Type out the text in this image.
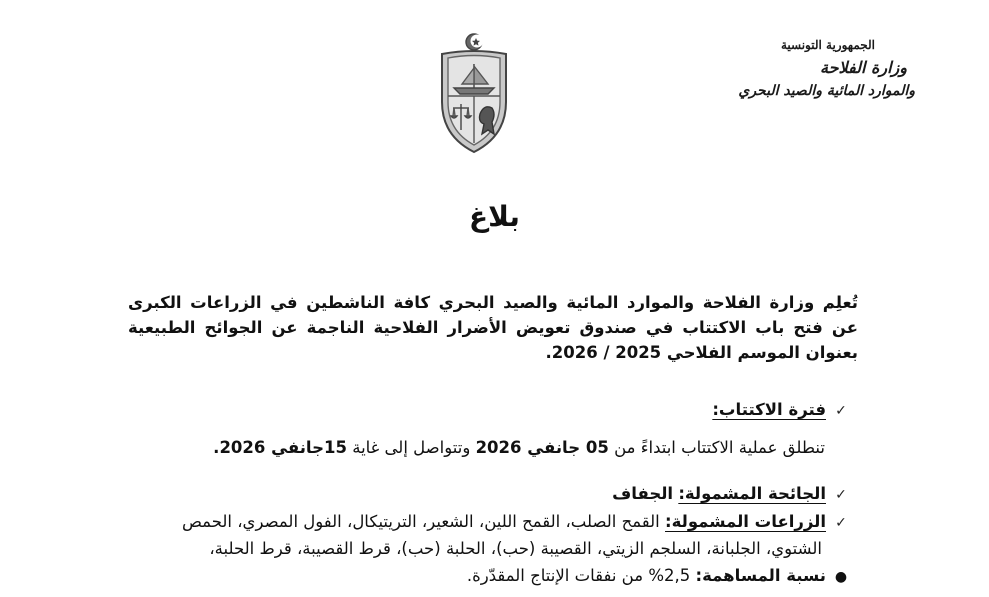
الجمهورية التونسية
وزارة الفلاحة
والموارد المائية والصيد البحري
بلاغ
تُعلِم وزارة الفلاحة والموارد المائية والصيد البحري كافة الناشطين في الزراعات الكبرى عن فتح باب الاكتتاب في صندوق تعويض الأضرار الفلاحية الناجمة عن الجوائح الطبيعية بعنوان الموسم الفلاحي 2025 / 2026.
✓فترة الاكتتاب:
تنطلق عملية الاكتتاب ابتداءً من 05 جانفي 2026 وتتواصل إلى غاية 15جانفي 2026.
✓الجائحة المشمولة: الجفاف
✓الزراعات المشمولة: القمح الصلب، القمح اللين، الشعير، التريتيكال، الفول المصري، الحمص
الشتوي، الجلبانة، السلجم الزيتي، القصيبة (حب)، الحلبة (حب)، قرط القصيبة، قرط الحلبة،
●نسبة المساهمة: 2,5% من نفقات الإنتاج المقدّرة.
